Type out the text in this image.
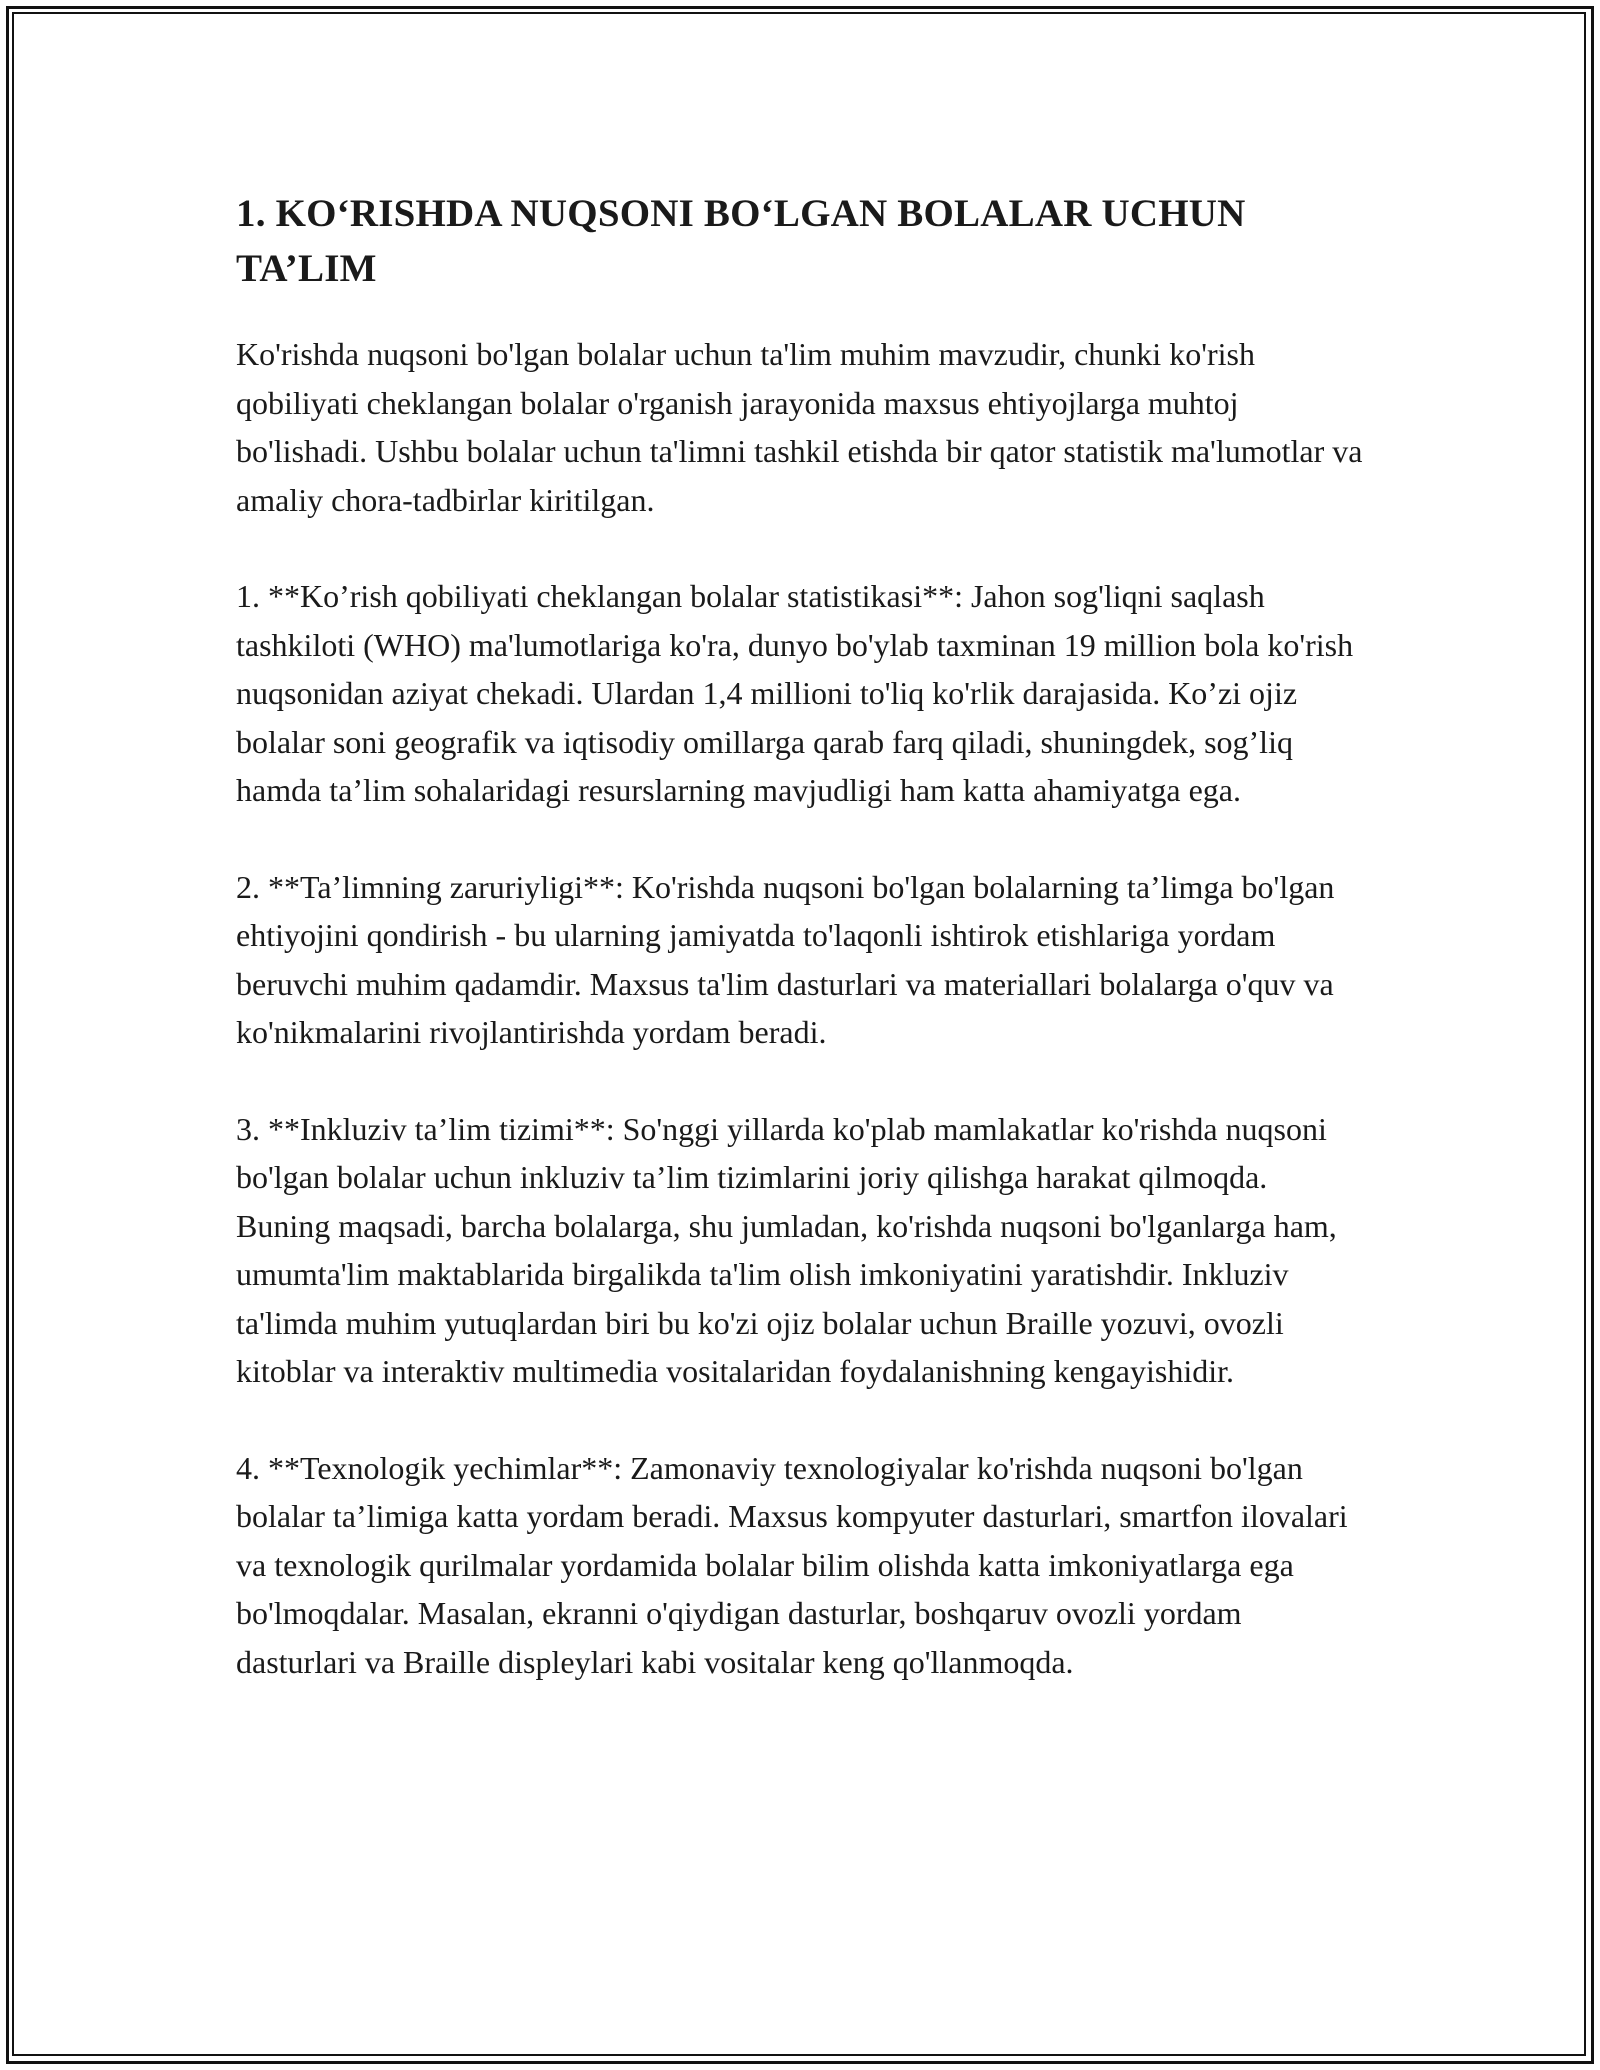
1. KO‘RISHDA NUQSONI BO‘LGAN BOLALAR UCHUN TA’LIM

Ko'rishda nuqsoni bo'lgan bolalar uchun ta'lim muhim mavzudir, chunki ko'rish qobiliyati cheklangan bolalar o'rganish jarayonida maxsus ehtiyojlarga muhtoj bo'lishadi. Ushbu bolalar uchun ta'limni tashkil etishda bir qator statistik ma'lumotlar va amaliy chora-tadbirlar kiritilgan.

1. **Ko’rish qobiliyati cheklangan bolalar statistikasi**: Jahon sog'liqni saqlash tashkiloti (WHO) ma'lumotlariga ko'ra, dunyo bo'ylab taxminan 19 million bola ko'rish nuqsonidan aziyat chekadi. Ulardan 1,4 millioni to'liq ko'rlik darajasida. Ko’zi ojiz bolalar soni geografik va iqtisodiy omillarga qarab farq qiladi, shuningdek, sog’liq hamda ta’lim sohalaridagi resurslarning mavjudligi ham katta ahamiyatga ega.

2. **Ta’limning zaruriyligi**: Ko'rishda nuqsoni bo'lgan bolalarning ta’limga bo'lgan ehtiyojini qondirish - bu ularning jamiyatda to'laqonli ishtirok etishlariga yordam beruvchi muhim qadamdir. Maxsus ta'lim dasturlari va materiallari bolalarga o'quv va ko'nikmalarini rivojlantirishda yordam beradi.

3. **Inkluziv ta’lim tizimi**: So'nggi yillarda ko'plab mamlakatlar ko'rishda nuqsoni bo'lgan bolalar uchun inkluziv ta’lim tizimlarini joriy qilishga harakat qilmoqda. Buning maqsadi, barcha bolalarga, shu jumladan, ko'rishda nuqsoni bo'lganlarga ham, umumta'lim maktablarida birgalikda ta'lim olish imkoniyatini yaratishdir. Inkluziv ta'limda muhim yutuqlardan biri bu ko'zi ojiz bolalar uchun Braille yozuvi, ovozli kitoblar va interaktiv multimedia vositalaridan foydalanishning kengayishidir.

4. **Texnologik yechimlar**: Zamonaviy texnologiyalar ko'rishda nuqsoni bo'lgan bolalar ta’limiga katta yordam beradi. Maxsus kompyuter dasturlari, smartfon ilovalari va texnologik qurilmalar yordamida bolalar bilim olishda katta imkoniyatlarga ega bo'lmoqdalar. Masalan, ekranni o'qiydigan dasturlar, boshqaruv ovozli yordam dasturlari va Braille displeylari kabi vositalar keng qo'llanmoqda.
